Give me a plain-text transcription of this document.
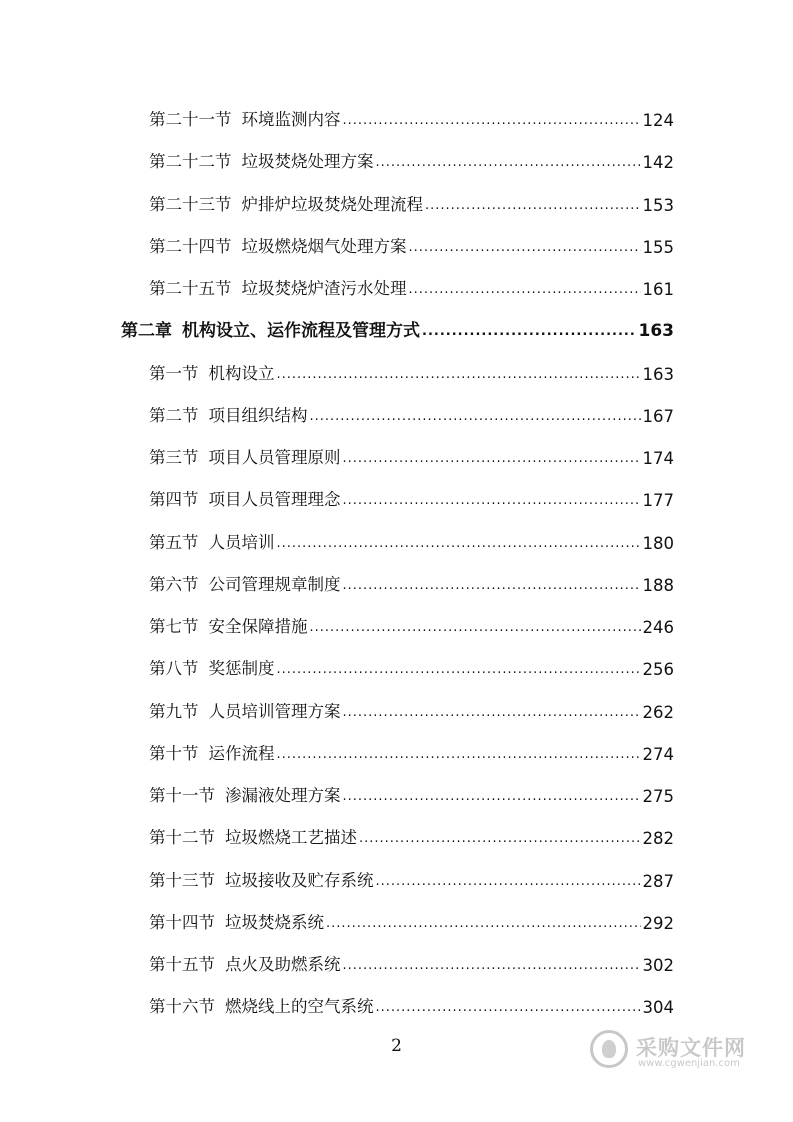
第二十一节 环境监测内容 .....	124
第二十二节 垃圾焚烧处理方案 .....	142
第二十三节 炉排炉垃圾焚烧处理流程 .....	153
第二十四节 垃圾燃烧烟气处理方案 .....	155
第二十五节 垃圾焚烧炉渣污水处理 .....	161
第二章 机构设立、运作流程及管理方式 .....	163
第一节 机构设立 .....	163
第二节 项目组织结构 .....	167
第三节 项目人员管理原则 .....	174
第四节 项目人员管理理念 .....	177
第五节 人员培训 .....	180
第六节 公司管理规章制度 .....	188
第七节 安全保障措施 .....	246
第八节 奖惩制度 .....	256
第九节 人员培训管理方案 .....	262
第十节 运作流程 .....	274
第十一节 渗漏液处理方案 .....	275
第十二节 垃圾燃烧工艺描述 .....	282
第十三节 垃圾接收及贮存系统 .....	287
第十四节 垃圾焚烧系统 .....	292
第十五节 点火及助燃系统 .....	302
第十六节 燃烧线上的空气系统 .....	304
2	采购文件网
www.cgwenjian.com
